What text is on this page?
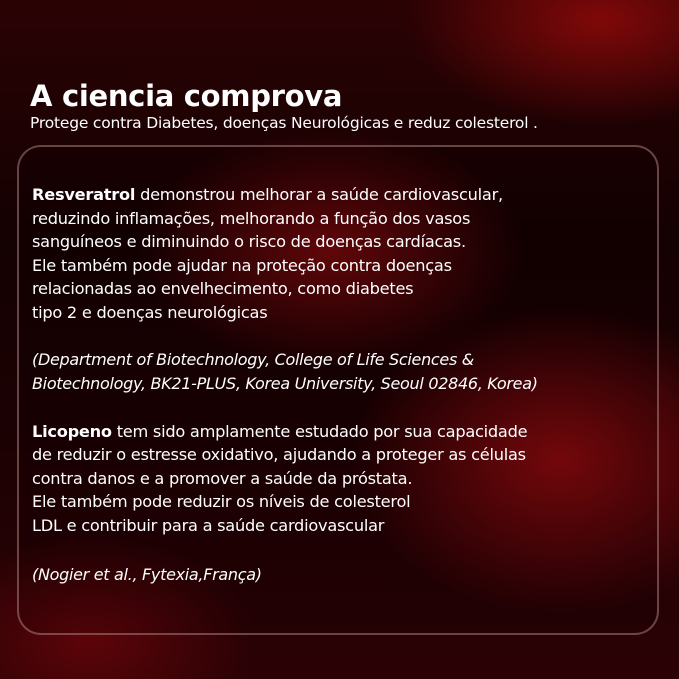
A ciencia comprova

Protege contra Diabetes, doenças Neurológicas e reduz colesterol .

Resveratrol demonstrou melhorar a saúde cardiovascular,
reduzindo inflamações, melhorando a função dos vasos
sanguíneos e diminuindo o risco de doenças cardíacas.
Ele também pode ajudar na proteção contra doenças
relacionadas ao envelhecimento, como diabetes
tipo 2 e doenças neurológicas

(Department of Biotechnology, College of Life Sciences &
Biotechnology, BK21-PLUS, Korea University, Seoul 02846, Korea)

Licopeno tem sido amplamente estudado por sua capacidade
de reduzir o estresse oxidativo, ajudando a proteger as células
contra danos e a promover a saúde da próstata.
Ele também pode reduzir os níveis de colesterol
LDL e contribuir para a saúde cardiovascular

(Nogier et al., Fytexia,França)
